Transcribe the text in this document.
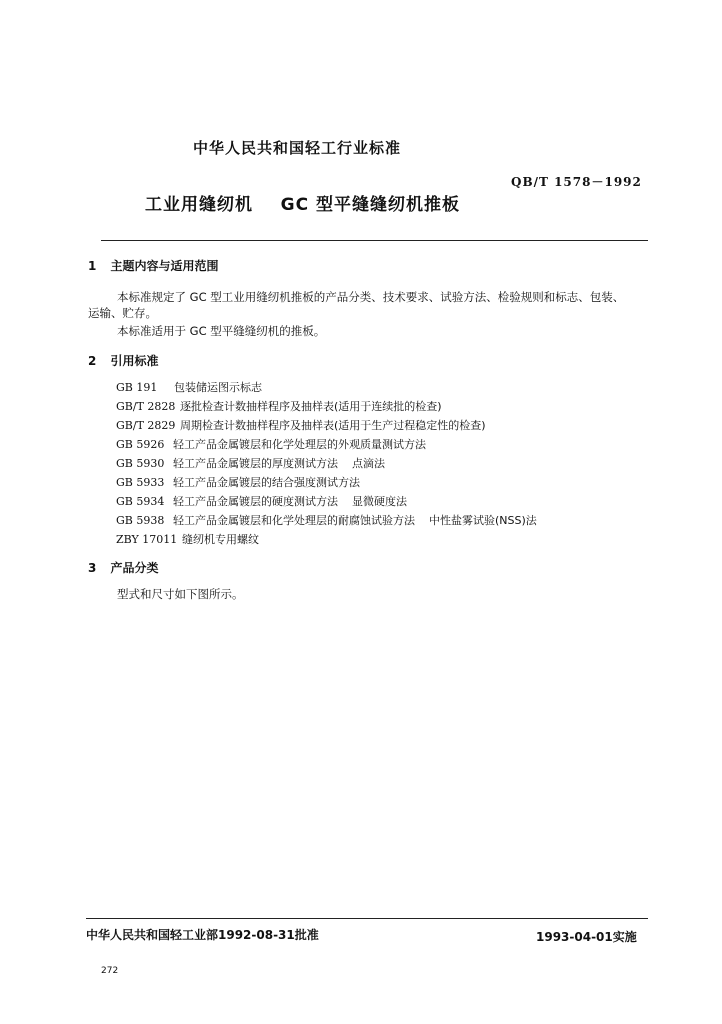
中华人民共和国轻工行业标准
QB/T 1578－1992
工业用缝纫机    GC 型平缝缝纫机推板
1 主题内容与适用范围
本标准规定了 GC 型工业用缝纫机推板的产品分类、技术要求、试验方法、检验规则和标志、包装、
运输、贮存。
本标准适用于 GC 型平缝缝纫机的推板。
2 引用标准
GB 191 包装储运图示标志
GB/T 2828 逐批检查计数抽样程序及抽样表(适用于连续批的检查)
GB/T 2829 周期检查计数抽样程序及抽样表(适用于生产过程稳定性的检查)
GB 5926 轻工产品金属镀层和化学处理层的外观质量测试方法
GB 5930 轻工产品金属镀层的厚度测试方法    点滴法
GB 5933 轻工产品金属镀层的结合强度测试方法
GB 5934 轻工产品金属镀层的硬度测试方法    显微硬度法
GB 5938 轻工产品金属镀层和化学处理层的耐腐蚀试验方法    中性盐雾试验(NSS)法
ZBY 17011 缝纫机专用螺纹
3 产品分类
型式和尺寸如下图所示。
中华人民共和国轻工业部1992-08-31批准	1993-04-01实施
272
